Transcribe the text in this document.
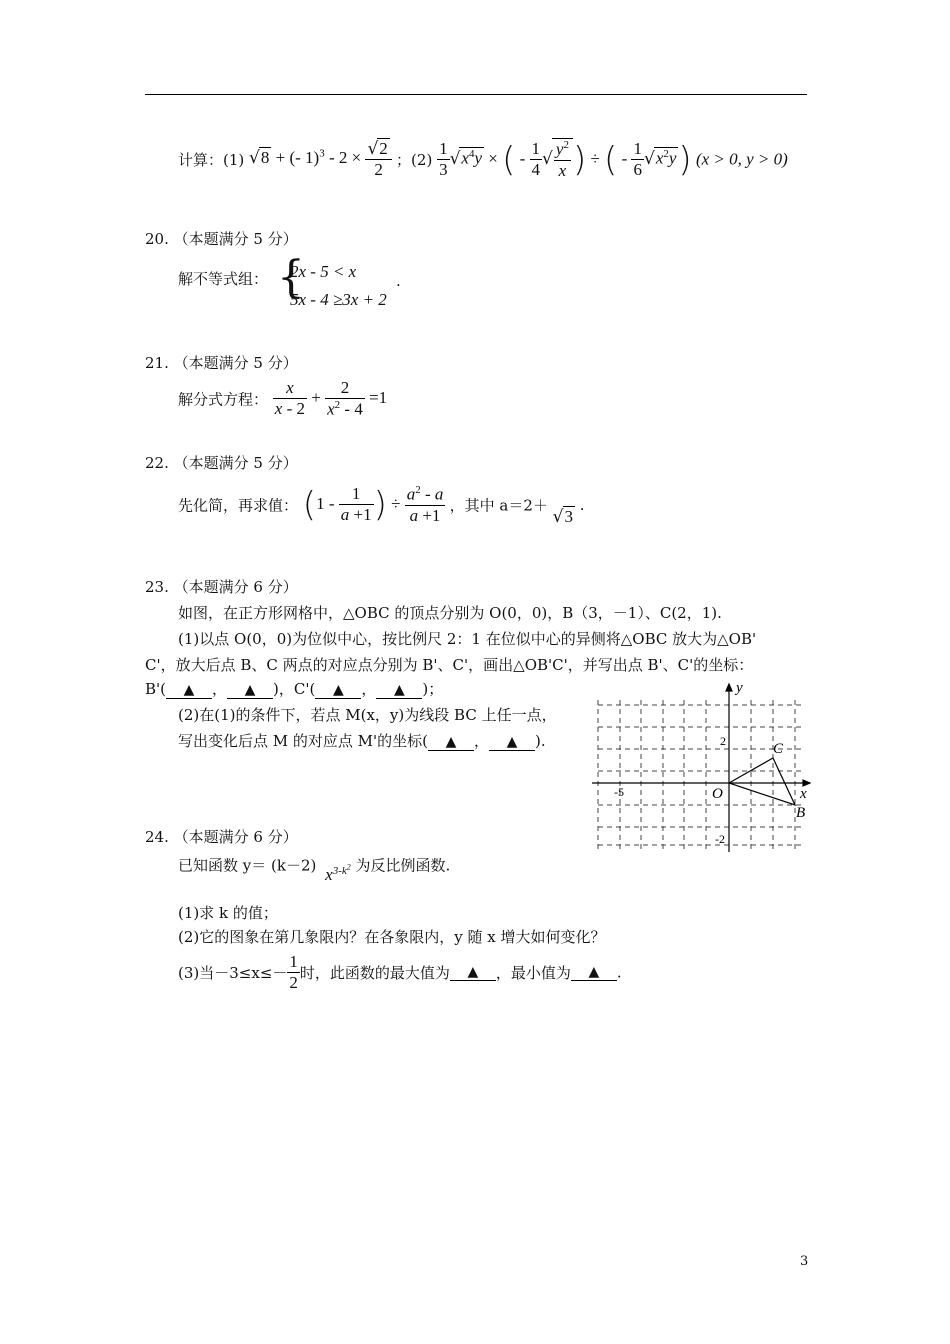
计算：(1) √8 + (- $1)^3 - 2 \times \frac{√2}{2}$ ；$(2) \frac{1}{3} √x^4y$ × ( - $\frac{1}{4}$ √ $\frac{y^2}{x}$ ) ÷ ( - $\frac{1}{6} √x^2y$) (x > 0, y > 0)
20. （本题满分 5 分）
解不等式组： {
2x - 5 < x
5x - 4 ≥3x + 2
.
21. （本题满分 5 分）
解分式方程： $\frac{x}{x - 2} + \frac{2}{x^2 - 4} =1$
22. （本题满分 5 分）
先化简，再求值： ($1 - \frac{1}{a +1}$ ) ÷ $\frac{a^2 - a}{a +1}$ ，其中 a＝2＋ √3 .
23. （本题满分 6 分）
如图，在正方形网格中，△OBC 的顶点分别为 O(0，0)，B（3，－1）、C(2，1).
(1)以点 O(0，0)为位似中心，按比例尺 2：1 在位似中心的异侧将△OBC 放大为△OB'
C'，放大后点 B、C 两点的对应点分别为 B'、C'，画出△OB'C'，并写出点 B'、C'的坐标：
B'( ▲ ， ▲ )，C'( ▲ ， ▲ )；
(2)在(1)的条件下，若点 M(x，y)为线段 BC 上任一点，
写出变化后点 M 的对应点 M'的坐标( ▲ ， ▲ ).
y
x
O
C
B
-5
2
-2
24. （本题满分 6 分）
已知函数 y＝ (k－2) $x^{3-k^2}$ 为反比例函数.
(1)求 k 的值；
(2)它的图象在第几象限内？在各象限内，y 随 x 增大如何变化？
(3)当$-3\le x\le- \frac{1}{2}$ 时，此函数的最大值为 ▲ ，最小值为 ▲ .
3
